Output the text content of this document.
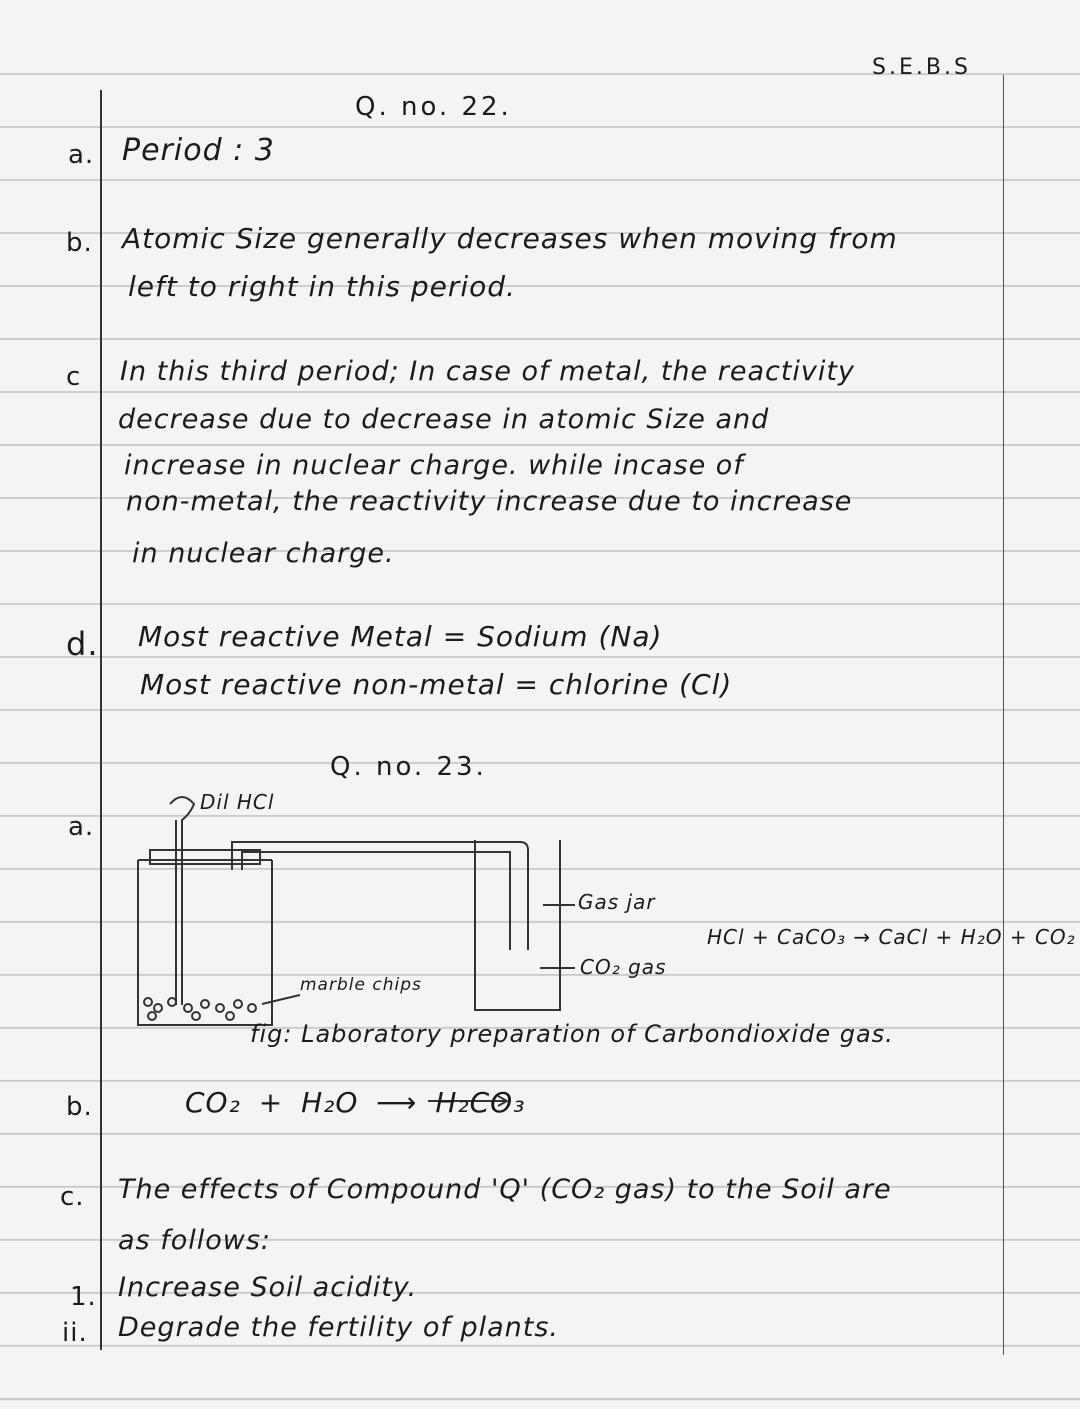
S.E.B.S
Q. no. 22.
a. Period : 3
b. Atomic Size generally decreases when moving from
left to right in this period.
c In this third period; In case of metal, the reactivity
decrease due to decrease in atomic Size and
increase in nuclear charge. while incase of
non-metal, the reactivity increase due to increase
in nuclear charge.
d. Most reactive Metal = Sodium (Na)
Most reactive non-metal = chlorine (Cl)
Q. no. 23.
a.
Dil HCl
Gas jar
CO₂ gas
marble chips
HCl + CaCO₃ → CaCl + H₂O + CO₂
fig: Laboratory preparation of Carbondioxide gas.
b.	CO₂ + H₂O ⟶ H₂CO₃
c. The effects of Compound 'Q' (CO₂ gas) to the Soil are
as follows:
1. Increase Soil acidity.
ii. Degrade the fertility of plants.
